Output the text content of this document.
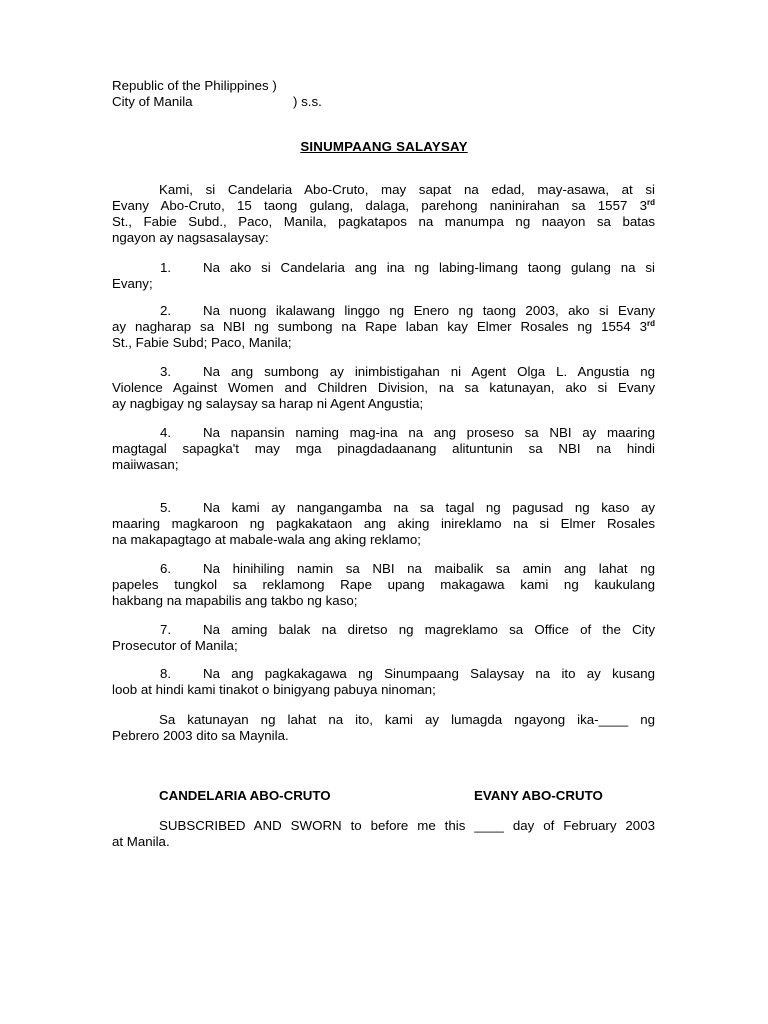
Republic of the Philippines )
City of Manila	) s.s.
SINUMPAANG SALAYSAY
Kami, si Candelaria Abo-Cruto, may sapat na edad, may-asawa, at si
Evany Abo-Cruto, 15 taong gulang, dalaga, parehong naninirahan sa 1557 3rd
St., Fabie Subd., Paco, Manila, pagkatapos na manumpa ng naayon sa batas
ngayon ay nagsasalaysay:
1. Na ako si Candelaria ang ina ng labing-limang taong gulang na si
Evany;
2. Na nuong ikalawang linggo ng Enero ng taong 2003, ako si Evany
ay nagharap sa NBI ng sumbong na Rape laban kay Elmer Rosales ng 1554 3rd
St., Fabie Subd; Paco, Manila;
3. Na ang sumbong ay inimbistigahan ni Agent Olga L. Angustia ng
Violence Against Women and Children Division, na sa katunayan, ako si Evany
ay nagbigay ng salaysay sa harap ni Agent Angustia;
4. Na napansin naming mag-ina na ang proseso sa NBI ay maaring
magtagal sapagka't may mga pinagdadaanang alituntunin sa NBI na hindi
maiiwasan;
5. Na kami ay nangangamba na sa tagal ng pagusad ng kaso ay
maaring magkaroon ng pagkakataon ang aking inireklamo na si Elmer Rosales
na makapagtago at mabale-wala ang aking reklamo;
6. Na hinihiling namin sa NBI na maibalik sa amin ang lahat ng
papeles tungkol sa reklamong Rape upang makagawa kami ng kaukulang
hakbang na mapabilis ang takbo ng kaso;
7. Na aming balak na diretso ng magreklamo sa Office of the City
Prosecutor of Manila;
8. Na ang pagkakagawa ng Sinumpaang Salaysay na ito ay kusang
loob at hindi kami tinakot o binigyang pabuya ninoman;
Sa katunayan ng lahat na ito, kami ay lumagda ngayong ika-____ ng
Pebrero 2003 dito sa Maynila.
CANDELARIA ABO-CRUTO	EVANY ABO-CRUTO
SUBSCRIBED AND SWORN to before me this ____ day of February 2003
at Manila.
